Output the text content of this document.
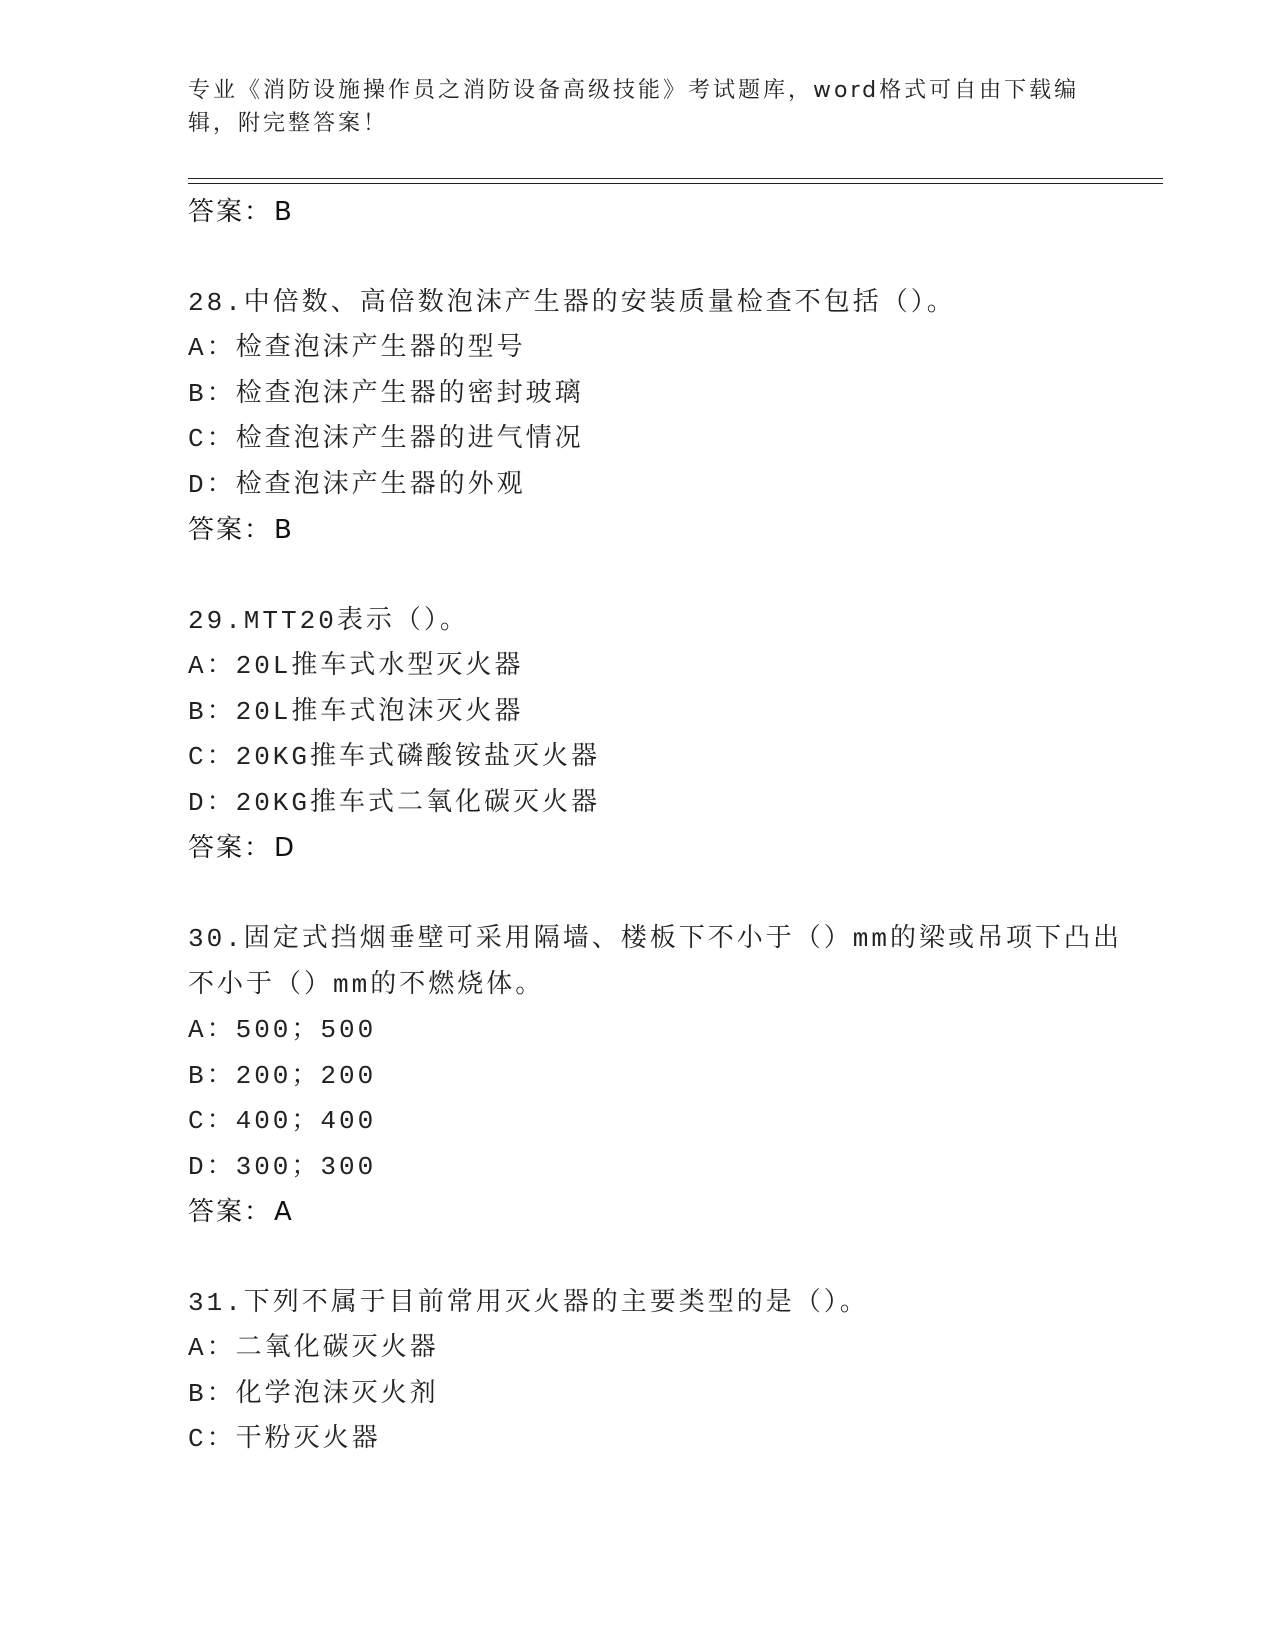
专业《消防设施操作员之消防设备高级技能》考试题库，word格式可自由下载编辑，附完整答案！
答案：B
28.中倍数、高倍数泡沫产生器的安装质量检查不包括（）。
A：检查泡沫产生器的型号
B：检查泡沫产生器的密封玻璃
C：检查泡沫产生器的进气情况
D：检查泡沫产生器的外观
答案：B
29.MTT20表示（）。
A：20L推车式水型灭火器
B：20L推车式泡沫灭火器
C：20KG推车式磷酸铵盐灭火器
D：20KG推车式二氧化碳灭火器
答案：D
30.固定式挡烟垂壁可采用隔墙、楼板下不小于（）mm的梁或吊项下凸出不小于（）mm的不燃烧体。
A：500；500
B：200；200
C：400；400
D：300；300
答案：A
31.下列不属于目前常用灭火器的主要类型的是（）。
A：二氧化碳灭火器
B：化学泡沫灭火剂
C：干粉灭火器
